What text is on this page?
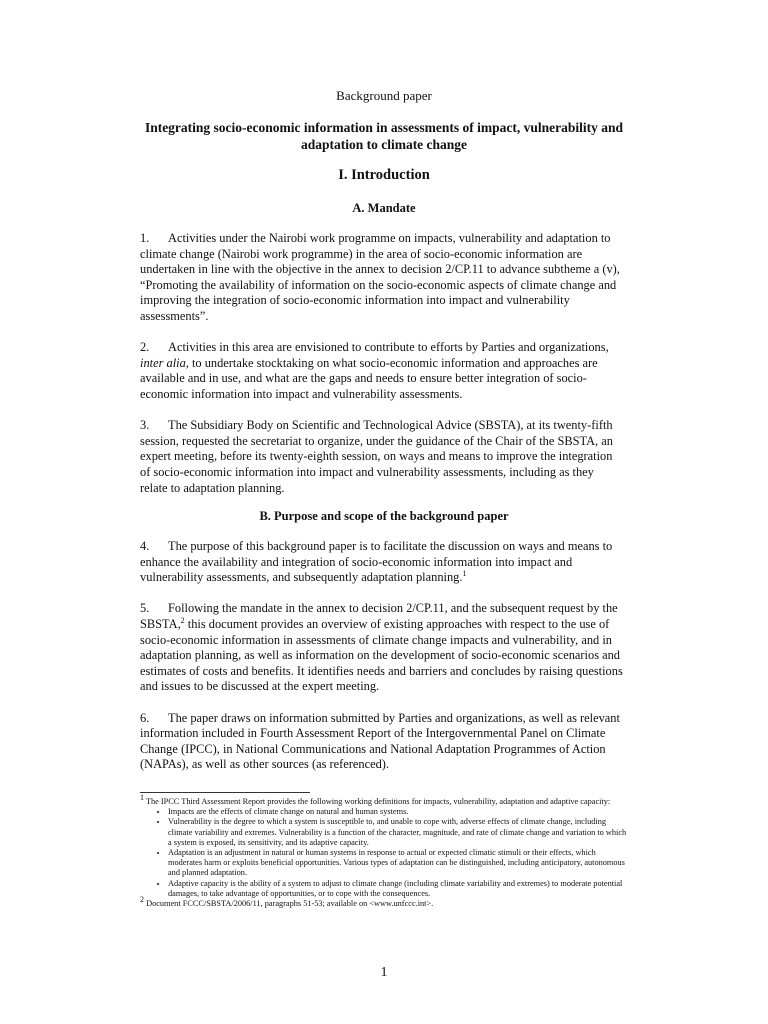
Background paper
Integrating socio-economic information in assessments of impact, vulnerability and adaptation to climate change
I. Introduction
A. Mandate

1. Activities under the Nairobi work programme on impacts, vulnerability and adaptation to climate change (Nairobi work programme) in the area of socio-economic information are undertaken in line with the objective in the annex to decision 2/CP.11 to advance subtheme a (v), “Promoting the availability of information on the socio-economic aspects of climate change and improving the integration of socio-economic information into impact and vulnerability assessments”.

2. Activities in this area are envisioned to contribute to efforts by Parties and organizations, inter alia, to undertake stocktaking on what socio-economic information and approaches are available and in use, and what are the gaps and needs to ensure better integration of socio-economic information into impact and vulnerability assessments.

3. The Subsidiary Body on Scientific and Technological Advice (SBSTA), at its twenty-fifth session, requested the secretariat to organize, under the guidance of the Chair of the SBSTA, an expert meeting, before its twenty-eighth session, on ways and means to improve the integration of socio-economic information into impact and vulnerability assessments, including as they relate to adaptation planning.

B. Purpose and scope of the background paper

4. The purpose of this background paper is to facilitate the discussion on ways and means to enhance the availability and integration of socio-economic information into impact and vulnerability assessments, and subsequently adaptation planning.$^1$

5. Following the mandate in the annex to decision 2/CP.11, and the subsequent request by the SBSTA,$^2$ this document provides an overview of existing approaches with respect to the use of socio-economic information in assessments of climate change impacts and vulnerability, and in adaptation planning, as well as information on the development of socio-economic scenarios and estimates of costs and benefits. It identifies needs and barriers and concludes by raising questions and issues to be discussed at the expert meeting.

6. The paper draws on information submitted by Parties and organizations, as well as relevant information included in Fourth Assessment Report of the Intergovernmental Panel on Climate Change (IPCC), in National Communications and National Adaptation Programmes of Action (NAPAs), as well as other sources (as referenced).

1 The IPCC Third Assessment Report provides the following working definitions for impacts, vulnerability, adaptation and adaptive capacity:

• Impacts are the effects of climate change on natural and human systems.
• Vulnerability is the degree to which a system is susceptible to, and unable to cope with, adverse effects of climate change, including climate variability and extremes. Vulnerability is a function of the character, magnitude, and rate of climate change and variation to which a system is exposed, its sensitivity, and its adaptive capacity.
• Adaptation is an adjustment in natural or human systems in response to actual or expected climatic stimuli or their effects, which moderates harm or exploits beneficial opportunities. Various types of adaptation can be distinguished, including anticipatory, autonomous and planned adaptation.
• Adaptive capacity is the ability of a system to adjust to climate change (including climate variability and extremes) to moderate potential damages, to take advantage of opportunities, or to cope with the consequences.

2 Document FCCC/SBSTA/2006/11, paragraphs 51-53; available on <www.unfccc.int>.

1
